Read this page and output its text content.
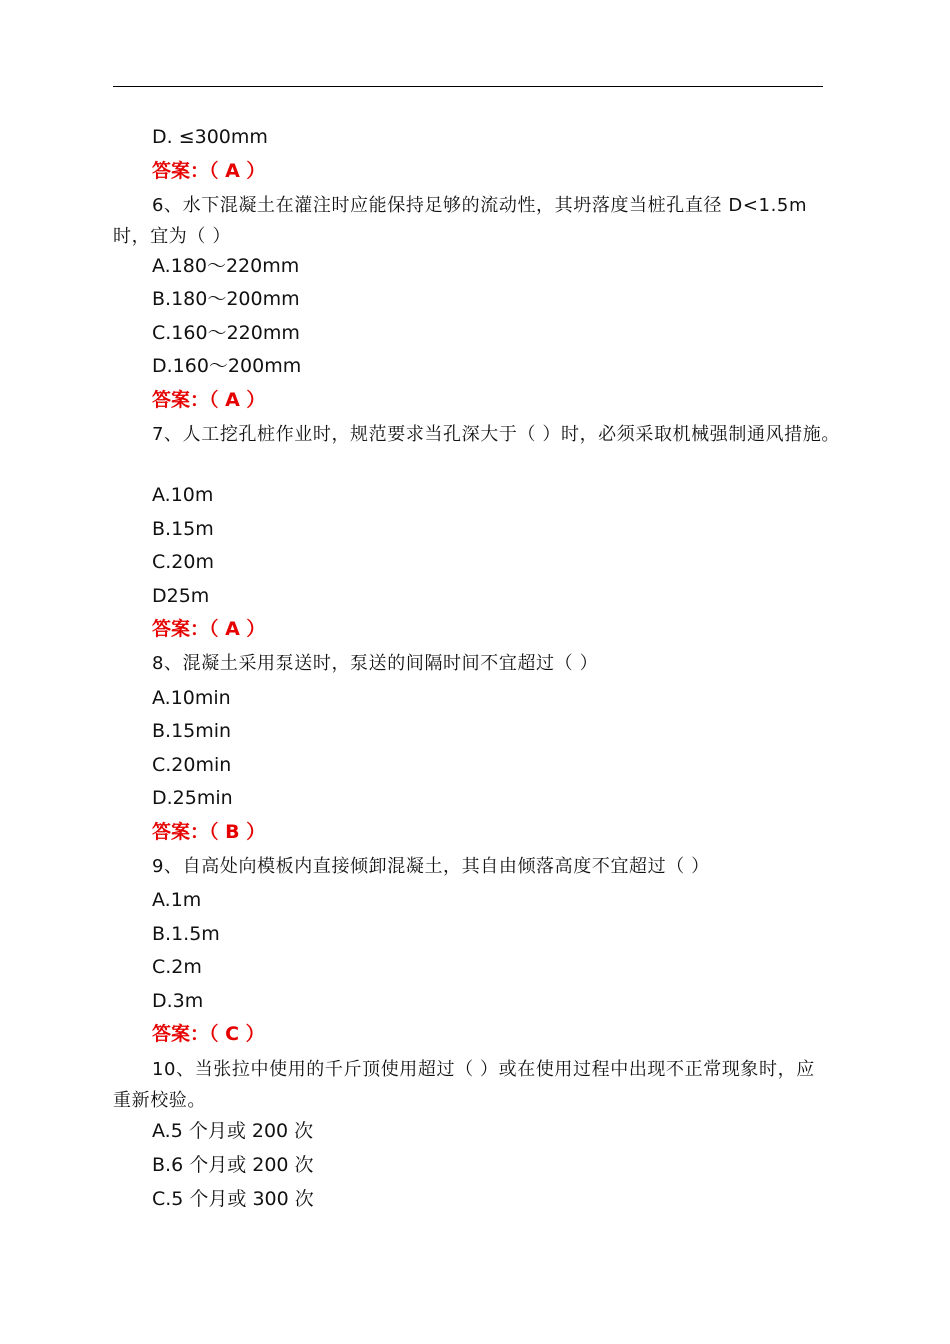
D. ≤300mm
答案：（ A ）
6、水下混凝土在灌注时应能保持足够的流动性，其坍落度当桩孔直径 D<1.5m 时，宜为（ ）
A.180～220mm
B.180～200mm
C.160～220mm
D.160～200mm
答案：（ A ）
7、人工挖孔桩作业时，规范要求当孔深大于（ ）时，必须采取机械强制通风措施。
A.10m
B.15m
C.20m
D25m
答案：（ A ）
8、混凝土采用泵送时，泵送的间隔时间不宜超过（ ）
A.10min
B.15min
C.20min
D.25min
答案：（ B ）
9、自高处向模板内直接倾卸混凝土，其自由倾落高度不宜超过（ ）
A.1m
B.1.5m
C.2m
D.3m
答案：（ C ）
10、当张拉中使用的千斤顶使用超过（ ）或在使用过程中出现不正常现象时，应重新校验。
A.5 个月或 200 次
B.6 个月或 200 次
C.5 个月或 300 次
